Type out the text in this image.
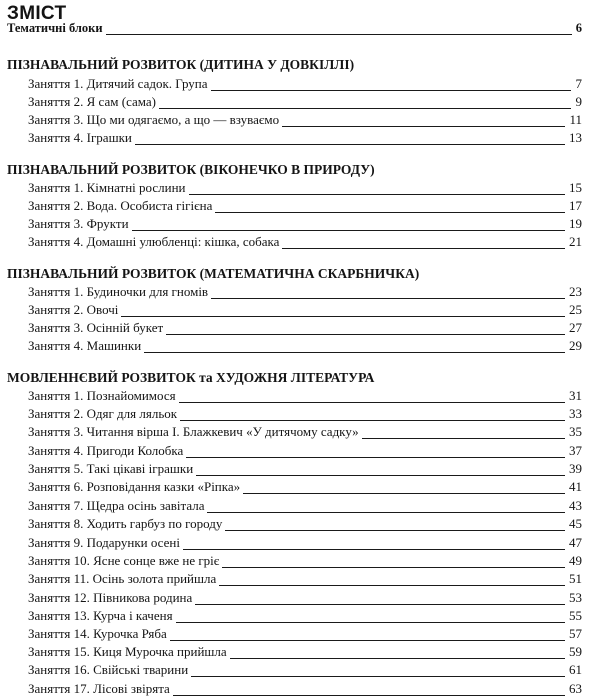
ЗМІСТ
Тематичні блоки	6
ПІЗНАВАЛЬНИЙ РОЗВИТОК (ДИТИНА У ДОВКІЛЛІ)
Заняття 1. Дитячий садок. Група	7
Заняття 2. Я сам (сама)	9
Заняття 3. Що ми одягаємо, а що — взуваємо	11
Заняття 4. Іграшки	13
ПІЗНАВАЛЬНИЙ РОЗВИТОК (ВІКОНЕЧКО В ПРИРОДУ)
Заняття 1. Кімнатні рослини	15
Заняття 2. Вода. Особиста гігієна	17
Заняття 3. Фрукти	19
Заняття 4. Домашні улюбленці: кішка, собака	21
ПІЗНАВАЛЬНИЙ РОЗВИТОК (МАТЕМАТИЧНА СКАРБНИЧКА)
Заняття 1. Будиночки для гномів	23
Заняття 2. Овочі	25
Заняття 3. Осінній букет	27
Заняття 4. Машинки	29
МОВЛЕННЄВИЙ РОЗВИТОК та ХУДОЖНЯ ЛІТЕРАТУРА
Заняття 1. Познайомимося	31
Заняття 2. Одяг для ляльок	33
Заняття 3. Читання вірша І. Блажкевич «У дитячому садку»	35
Заняття 4. Пригоди Колобка	37
Заняття 5. Такі цікаві іграшки	39
Заняття 6. Розповідання казки «Ріпка»	41
Заняття 7. Щедра осінь завітала	43
Заняття 8. Ходить гарбуз по городу	45
Заняття 9. Подарунки осені	47
Заняття 10. Ясне сонце вже не гріє	49
Заняття 11. Осінь золота прийшла	51
Заняття 12. Півникова родина	53
Заняття 13. Курча і каченя	55
Заняття 14. Курочка Ряба	57
Заняття 15. Киця Мурочка прийшла	59
Заняття 16. Свійські тварини	61
Заняття 17. Лісові звірята	63
